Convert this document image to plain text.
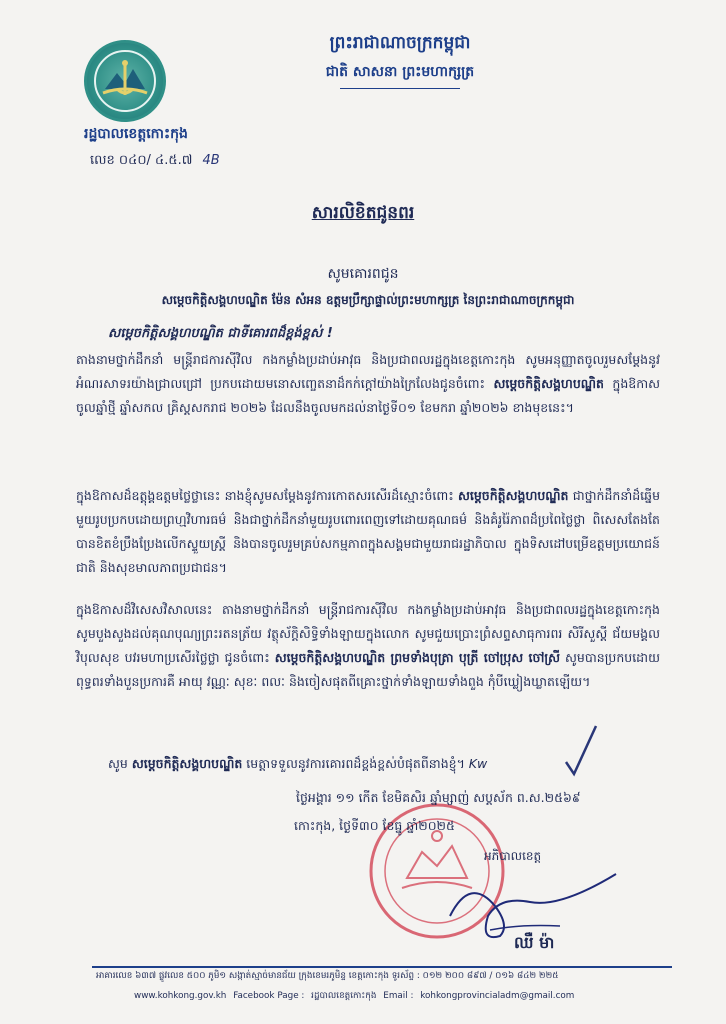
រដ្ឋបាលខេត្តកោះកុង
លេខ ០៤០/ ៤.៥.៧ 4B
ព្រះរាជាណាចក្រកម្ពុជា
ជាតិ សាសនា ព្រះមហាក្សត្រ
សារលិខិតជូនពរ
សូមគោរពជូន
សម្តេចកិត្តិសង្គហបណ្ឌិត ម៉ែន សំអន ឧត្តមប្រឹក្សាផ្ទាល់ព្រះមហាក្សត្រ នៃព្រះរាជាណាចក្រកម្ពុជា
សម្តេចកិត្តិសង្គហបណ្ឌិត ជាទីគោរពដ៏ខ្ពង់ខ្ពស់ !
តាងនាមថ្នាក់ដឹកនាំ មន្ត្រីរាជការស៊ីវិល កងកម្លាំងប្រដាប់អាវុធ និងប្រជាពលរដ្ឋក្នុងខេត្តកោះកុង សូមអនុញ្ញាតចូលរួមសម្តែងនូវអំណរសាទរយ៉ាងជ្រាលជ្រៅ ប្រកបដោយមនោសញ្ចេតនាដ៏កក់ក្តៅយ៉ាងក្រៃលែងជូនចំពោះ សម្តេចកិត្តិសង្គហបណ្ឌិត ក្នុងឱកាសចូលឆ្នាំថ្មី ឆ្នាំសកល គ្រិស្តសករាជ ២០២៦ ដែលនឹងចូលមកដល់នាថ្ងៃទី០១ ខែមករា ឆ្នាំ២០២៦ ខាងមុខនេះ។
ក្នុងឱកាសដ៏ឧត្តុង្គឧត្តមថ្លៃថ្លានេះ នាងខ្ញុំសូមសម្តែងនូវការកោតសរសើរដ៏ស្មោះចំពោះ សម្តេចកិត្តិសង្គហបណ្ឌិត ជាថ្នាក់ដឹកនាំដ៏ឆ្នើមមួយរូបប្រកបដោយព្រហ្មវិហារធម៌ និងជាថ្នាក់ដឹកនាំមួយរូបពោរពេញទៅដោយគុណធម៌ និងគំរូរ៉ៃភាពដ៏ប្រពៃថ្លៃថ្លា ពិសេសតែងតែបានខិតខំប្រឹងប្រែងលើកស្ទួយស្ត្រី និងបានចូលរួមគ្រប់សកម្មភាពក្នុងសង្គមជាមួយរាជរដ្ឋាភិបាល ក្នុងទិសដៅបម្រើឧត្តមប្រយោជន៍ជាតិ និងសុខមាលភាពប្រជាជន។
ក្នុងឱកាសដ៏វិសេសវិសាលនេះ តាងនាមថ្នាក់ដឹកនាំ មន្ត្រីរាជការស៊ីវិល កងកម្លាំងប្រដាប់អាវុធ និងប្រជាពលរដ្ឋក្នុងខេត្តកោះកុង សូមបួងសួងដល់គុណបុណ្យព្រះរតនត្រ័យ វត្ថុស័ក្តិសិទ្ធិទាំងឡាយក្នុងលោក សូមជួយប្រោះព្រំសព្ទសាធុការពរ សិរីសួស្តី ជ័យមង្គល វិបុលសុខ បវរមហាប្រសើរថ្លៃថ្លា ជូនចំពោះ សម្តេចកិត្តិសង្គហបណ្ឌិត ព្រមទាំងបុត្រា បុត្រី ចៅប្រុស ចៅស្រី សូមបានប្រកបដោយពុទ្ធពរទាំងបួនប្រការគឺ អាយុ វណ្ណៈ សុខៈ ពលៈ និងចៀសផុតពីគ្រោះថ្នាក់ទាំងឡាយទាំងពួង កុំបីឃ្លៀងឃ្លាតឡើយ។
សូម សម្តេចកិត្តិសង្គហបណ្ឌិត មេត្តាទទួលនូវការគោរពដ៏ខ្ពង់ខ្ពស់បំផុតពីនាងខ្ញុំ។ Kw
ថ្ងៃអង្គារ ១១ កើត ខែមិគសិរ ឆ្នាំម្សាញ់ សប្តស័ក ព.ស.២៥៦៩
កោះកុង, ថ្ងៃទី៣០ ខែធ្នូ ឆ្នាំ២០២៥
អភិបាលខេត្ត
ឈឺ ម៉ា
អាគារលេខ ៦៣៧ ផ្លូវលេខ ៥០០ ភូមិ១ សង្កាត់ស្មាច់មានជ័យ ក្រុងខេមរភូមិន្ទ ខេត្តកោះកុង ទូរស័ព្ទ : ០១២ ២០០ ៨៩៧ / ០១៦ ៨៤២ ២២៥
www.kohkong.gov.kh Facebook Page : រដ្ឋបាលខេត្តកោះកុង Email : kohkongprovincialadm@gmail.com
